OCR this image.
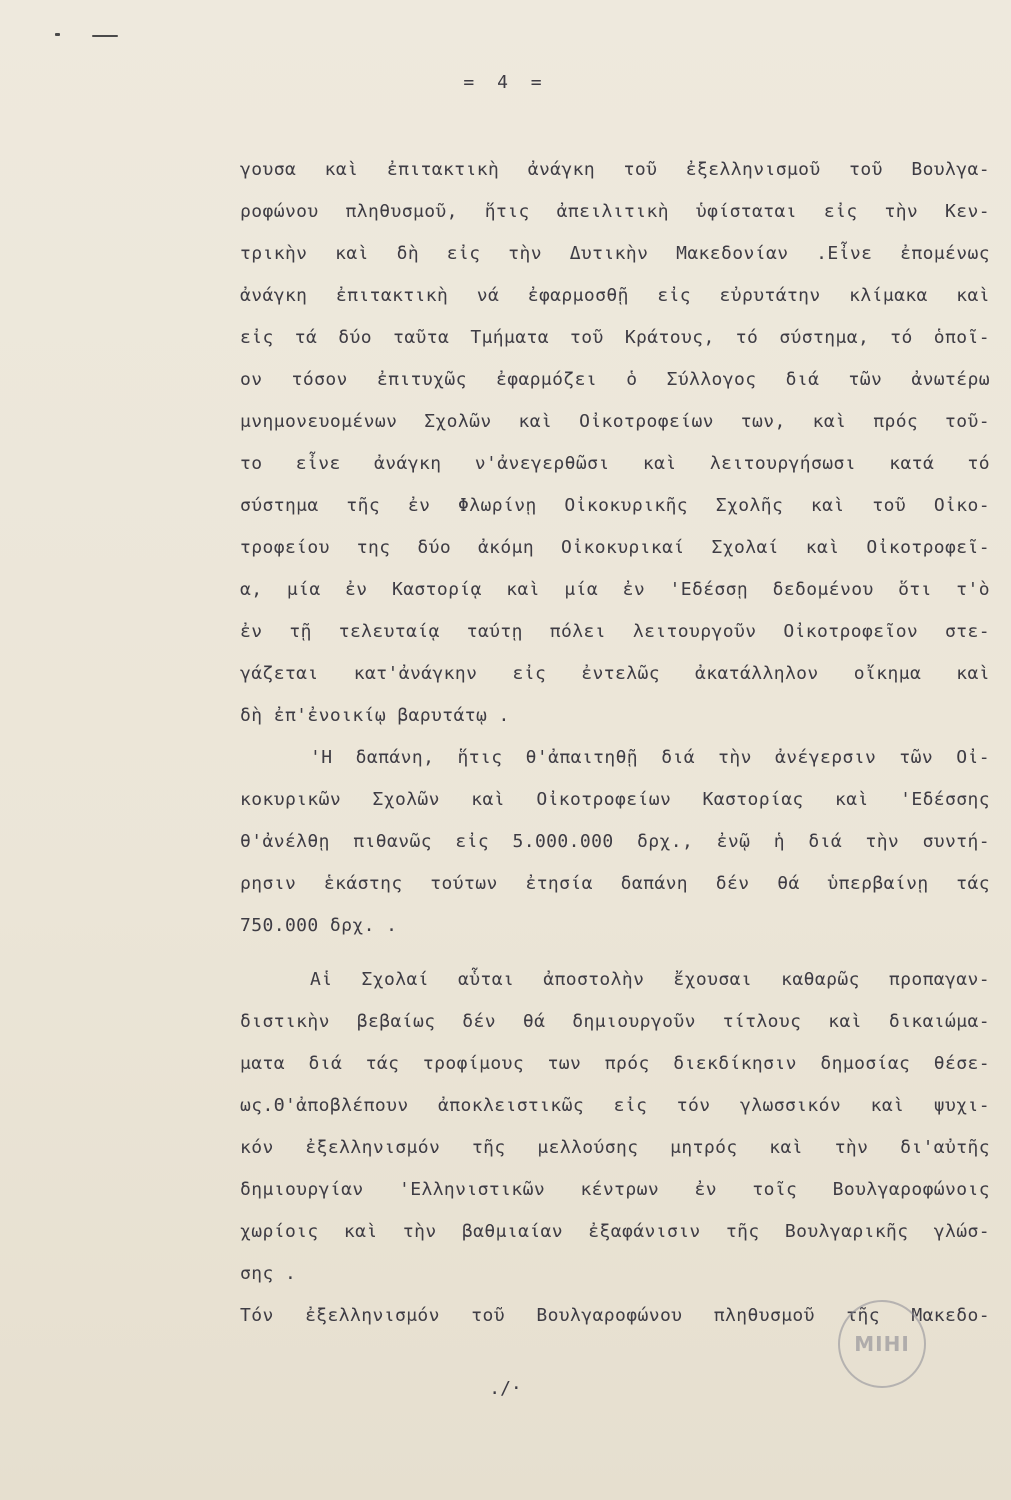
= 4 =
γουσα καὶ ἐπιτακτικὴ ἀνάγκη τοῦ ἐξελληνισμοῦ τοῦ Βουλγα-
ροφώνου πληθυσμοῦ, ἥτις ἀπειλιτικὴ ὑφίσταται εἰς τὴν Κεν-
τρικὴν καὶ δὴ εἰς τὴν Δυτικὴν Μακεδονίαν .Εἶνε ἐπομένως
ἀνάγκη ἐπιτακτικὴ νά ἐφαρμοσθῇ εἰς εὐρυτάτην κλίμακα καὶ
εἰς τά δύο ταῦτα Τμήματα τοῦ Κράτους, τό σύστημα, τό ὁποῖ-
ον τόσον ἐπιτυχῶς ἐφαρμόζει ὁ Σύλλογος διά τῶν ἀνωτέρω
μνημονευομένων Σχολῶν καὶ Οἰκοτροφείων των, καὶ πρός τοῦ-
το εἶνε ἀνάγκη ν'ἀνεγερθῶσι καὶ λειτουργήσωσι κατά τό
σύστημα τῆς ἐν Φλωρίνῃ Οἰκοκυρικῆς Σχολῆς καὶ τοῦ Οἰκο-
τροφείου της δύο ἀκόμη Οἰκοκυρικαί Σχολαί καὶ Οἰκοτροφεῖ-
α, μία ἐν Καστορίᾳ καὶ μία ἐν 'Εδέσσῃ δεδομένου ὅτι τ'ὸ
ἐν τῇ τελευταίᾳ ταύτῃ πόλει λειτουργοῦν Οἰκοτροφεῖον στε-
γάζεται κατ'ἀνάγκην εἰς ἐντελῶς ἀκατάλληλον οἴκημα καὶ
δὴ ἐπ'ἐνοικίῳ βαρυτάτῳ .
'Η δαπάνη, ἥτις θ'ἀπαιτηθῇ διά τὴν ἀνέγερσιν τῶν Οἰ-
κοκυρικῶν Σχολῶν καὶ Οἰκοτροφείων Καστορίας καὶ 'Εδέσσης
θ'ἀνέλθῃ πιθανῶς εἰς 5.000.000 δρχ., ἐνῷ ἡ διά τὴν συντή-
ρησιν ἑκάστης τούτων ἐτησία δαπάνη δέν θά ὑπερβαίνῃ τάς
750.000 δρχ. .
Αἱ Σχολαί αὗται ἀποστολὴν ἔχουσαι καθαρῶς προπαγαν-
διστικὴν βεβαίως δέν θά δημιουργοῦν τίτλους καὶ δικαιώμα-
ματα διά τάς τροφίμους των πρός διεκδίκησιν δημοσίας θέσε-
ως.Θ'ἀποβλέπουν ἀποκλειστικῶς εἰς τόν γλωσσικόν καὶ ψυχι-
κόν ἐξελληνισμόν τῆς μελλούσης μητρός καὶ τὴν δι'αὐτῆς
δημιουργίαν 'Ελληνιστικῶν κέντρων ἐν τοῖς Βουλγαροφώνοις
χωρίοις καὶ τὴν βαθμιαίαν ἐξαφάνισιν τῆς Βουλγαρικῆς γλώσ-
σης .
Τόν ἐξελληνισμόν τοῦ Βουλγαροφώνου πληθυσμοῦ τῆς Μακεδο-
ΜΙΗΙ
./·
